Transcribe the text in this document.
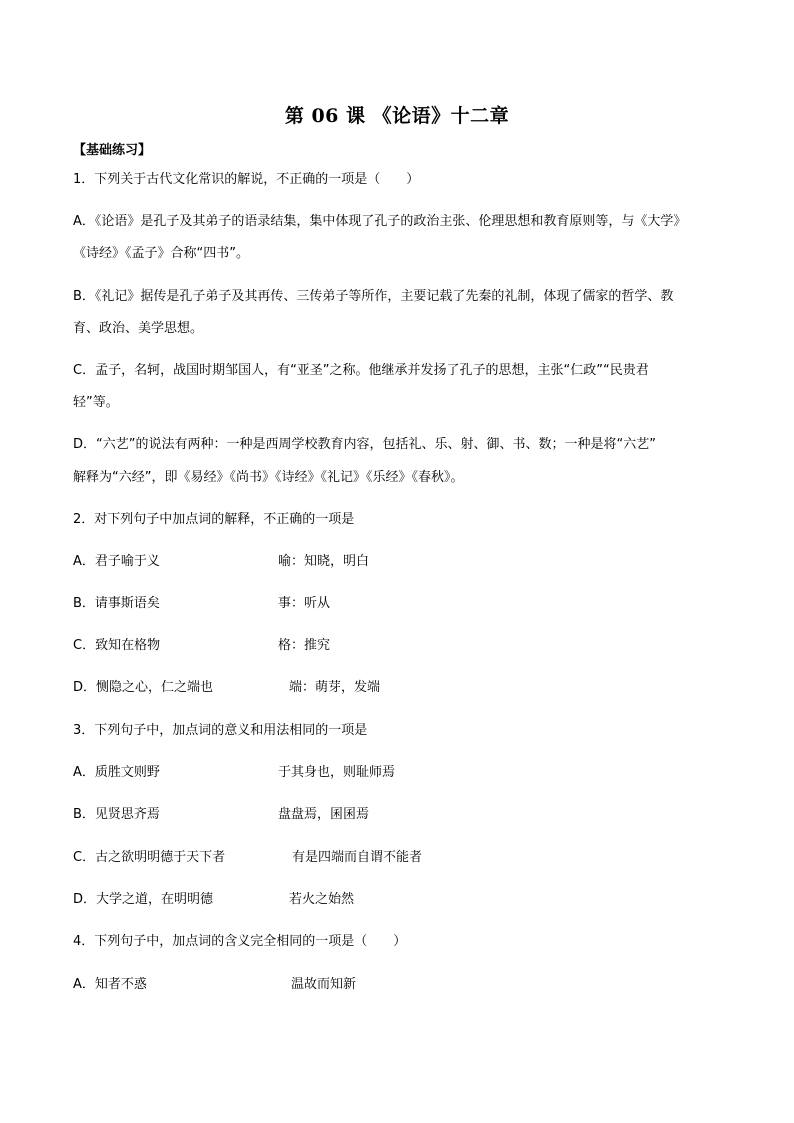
第 06 课 《论语》十二章
【基础练习】
1．下列关于古代文化常识的解说，不正确的一项是（　　）
A．《论语》是孔子及其弟子的语录结集，集中体现了孔子的政治主张、伦理思想和教育原则等，与《大学》
《诗经》《孟子》合称“四书”。
B．《礼记》据传是孔子弟子及其再传、三传弟子等所作，主要记载了先秦的礼制，体现了儒家的哲学、教
育、政治、美学思想。
C．孟子，名轲，战国时期邹国人，有“亚圣”之称。他继承并发扬了孔子的思想，主张“仁政”“民贵君
轻”等。
D．“六艺”的说法有两种：一种是西周学校教育内容，包括礼、乐、射、御、书、数；一种是将“六艺”
解释为“六经”，即《易经》《尚书》《诗经》《礼记》《乐经》《春秋》。
2．对下列句子中加点词的解释，不正确的一项是
A．君子喻于义	喻：知晓，明白
B．请事斯语矣	事：听从
C．致知在格物	格：推究
D．恻隐之心，仁之端也	端：萌芽，发端
3．下列句子中，加点词的意义和用法相同的一项是
A．质胜文则野	于其身也，则耻师焉
B．见贤思齐焉	盘盘焉，囷囷焉
C．古之欲明明德于天下者	有是四端而自谓不能者
D．大学之道，在明明德	若火之始然
4．下列句子中，加点词的含义完全相同的一项是（　　）
A．知者不惑	温故而知新
